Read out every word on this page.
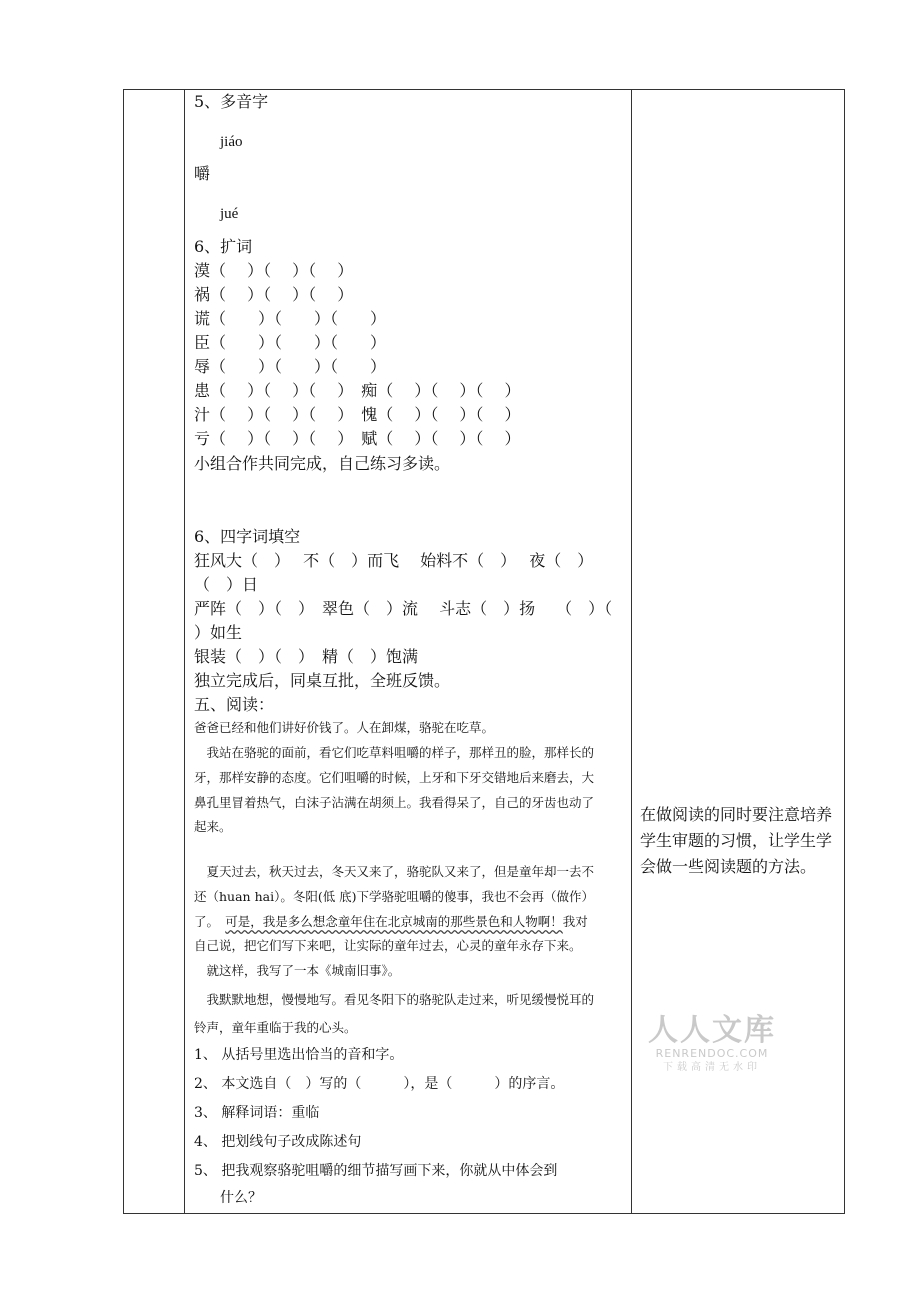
5、多音字
jiáo
嚼
jué
6、扩词
漠（　 ）（　 ）（　 ）
祸（　 ）（　 ）（　 ）
谎（　　）（　　）（　　）
臣（　　）（　　）（　　）
辱（　　）（　　）（　　）
患（　 ）（　 ）（　 ）　痴（　 ）（　 ）（　 ）
汁（　 ）（　 ）（　 ）　愧（　 ）（　 ）（　 ）
亏（　 ）（　 ）（　 ）　赋（　 ）（　 ）（　 ）
小组合作共同完成，自己练习多读。
6、四字词填空
狂风大（　）　 不（　）而飞　 始料不（　）　 夜（　）
（　）日
严阵（　）（　）　翠色（　）流　 斗志（　）扬　 （　）（
）如生
银装（　）（　）　精（　）饱满
独立完成后，同桌互批，全班反馈。
五、阅读：
爸爸已经和他们讲好价钱了。人在卸煤，骆驼在吃草。
　我站在骆驼的面前，看它们吃草料咀嚼的样子，那样丑的脸，那样长的
牙，那样安静的态度。它们咀嚼的时候，上牙和下牙交错地后来磨去，大
鼻孔里冒着热气，白沫子沾满在胡须上。我看得呆了，自己的牙齿也动了
起来。
　夏天过去，秋天过去，冬天又来了，骆驼队又来了，但是童年却一去不
还（huan hai）。冬阳(低 底)下学骆驼咀嚼的傻事，我也不会再（做作）
了。　可是，我是多么想念童年住在北京城南的那些景色和人物啊！我对
自己说，把它们写下来吧，让实际的童年过去，心灵的童年永存下来。
　就这样，我写了一本《城南旧事》。
　我默默地想，慢慢地写。看见冬阳下的骆驼队走过来，听见缓慢悦耳的
铃声，童年重临于我的心头。
1、 从括号里选出恰当的音和字。
2、 本文选自（　）写的（　　　），是（　　　）的序言。
3、 解释词语：重临
4、 把划线句子改成陈述句
5、 把我观察骆驼咀嚼的细节描写画下来，你就从中体会到
什么？
在做阅读的同时要注意培养学生审题的习惯，让学生学会做一些阅读题的方法。
人人文库
RENRENDOC.COM
下载高清无水印
